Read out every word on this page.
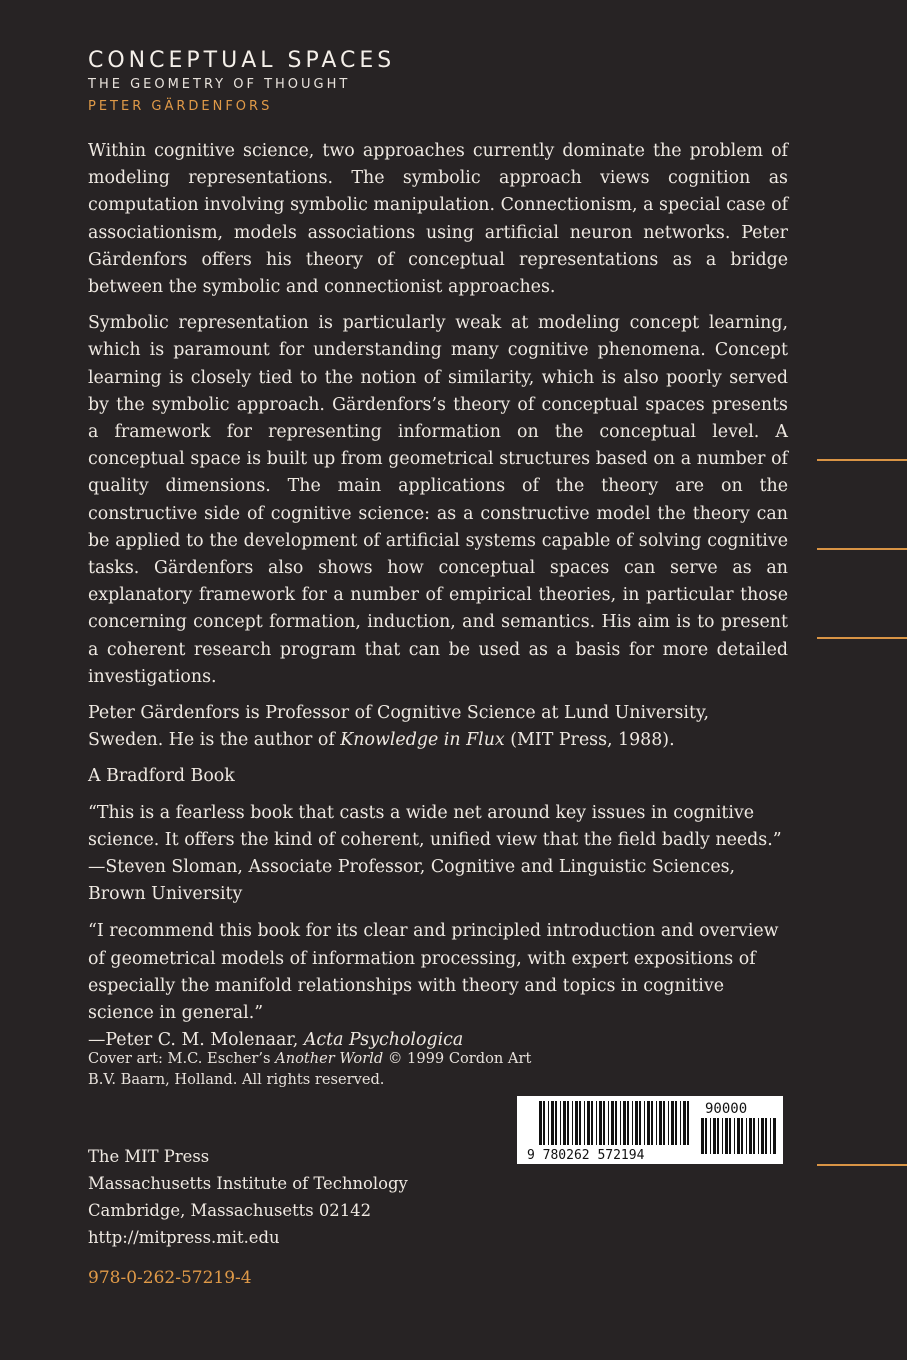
CONCEPTUAL SPACES
THE GEOMETRY OF THOUGHT
PETER GÄRDENFORS

Within cognitive science, two approaches currently dominate the problem of modeling representations. The symbolic approach views cognition as computation involving symbolic manipulation. Connectionism, a special case of associationism, models associations using artificial neuron networks. Peter Gärdenfors offers his theory of conceptual representations as a bridge between the symbolic and connectionist approaches.

Symbolic representation is particularly weak at modeling concept learning, which is paramount for understanding many cognitive phenomena. Concept learning is closely tied to the notion of similarity, which is also poorly served by the symbolic approach. Gärdenfors’s theory of conceptual spaces presents a framework for representing information on the conceptual level. A conceptual space is built up from geometrical structures based on a number of quality dimensions. The main applications of the theory are on the constructive side of cognitive science: as a constructive model the theory can be applied to the development of artificial systems capable of solving cognitive tasks. Gärdenfors also shows how conceptual spaces can serve as an explanatory framework for a number of empirical theories, in particular those concerning concept formation, induction, and semantics. His aim is to present a coherent research program that can be used as a basis for more detailed investigations.

Peter Gärdenfors is Professor of Cognitive Science at Lund University, Sweden. He is the author of Knowledge in Flux (MIT Press, 1988).

A Bradford Book

“This is a fearless book that casts a wide net around key issues in cognitive science. It offers the kind of coherent, unified view that the field badly needs.”
—Steven Sloman, Associate Professor, Cognitive and Linguistic Sciences, Brown University

“I recommend this book for its clear and principled introduction and overview of geometrical models of information processing, with expert expositions of especially the manifold relationships with theory and topics in cognitive science in general.”
—Peter C. M. Molenaar, Acta Psychologica

Cover art: M.C. Escher’s Another World © 1999 Cordon Art B.V. Baarn, Holland. All rights reserved.
9 780262 572194
90000
The MIT Press
Massachusetts Institute of Technology
Cambridge, Massachusetts 02142
http://mitpress.mit.edu
978-0-262-57219-4
